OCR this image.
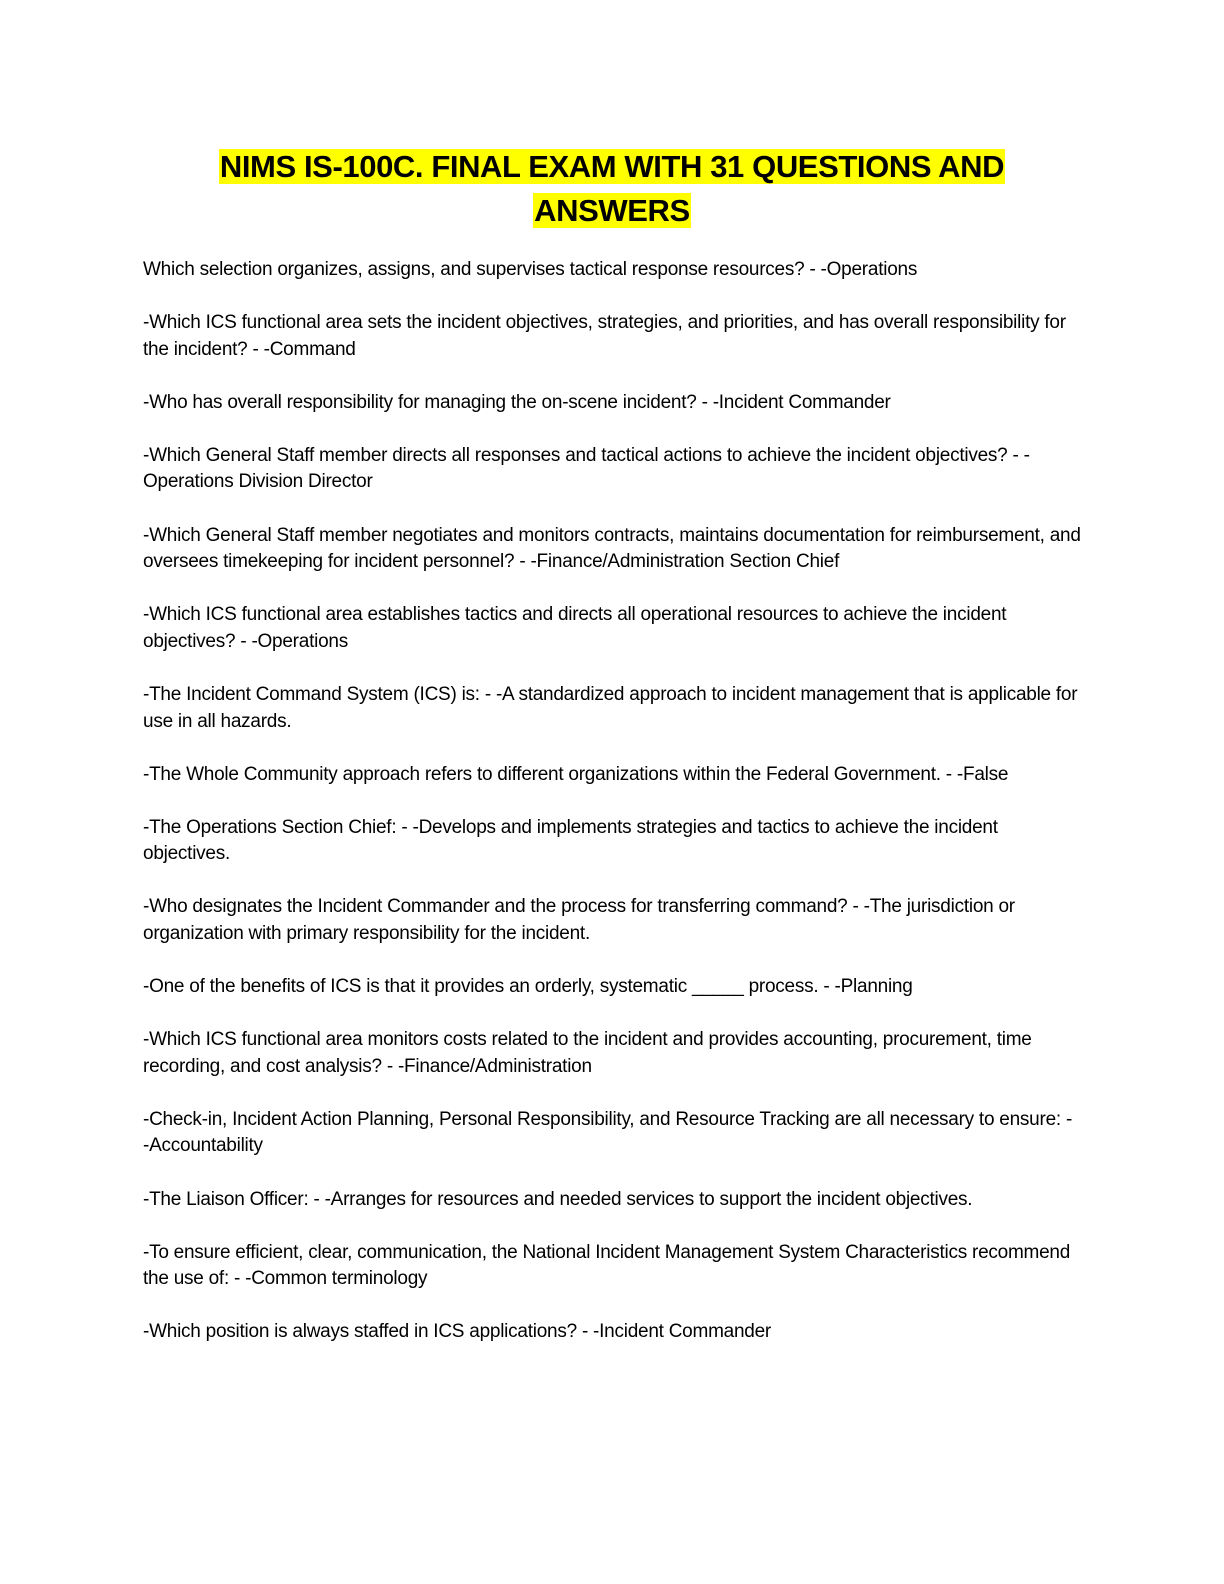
NIMS IS-100C. FINAL EXAM WITH 31 QUESTIONS AND
ANSWERS
Which selection organizes, assigns, and supervises tactical response resources? - -Operations
-Which ICS functional area sets the incident objectives, strategies, and priorities, and has overall responsibility for the incident? - -Command
-Who has overall responsibility for managing the on-scene incident? - -Incident Commander
-Which General Staff member directs all responses and tactical actions to achieve the incident objectives? - -Operations Division Director
-Which General Staff member negotiates and monitors contracts, maintains documentation for reimbursement, and oversees timekeeping for incident personnel? - -Finance/Administration Section Chief
-Which ICS functional area establishes tactics and directs all operational resources to achieve the incident objectives? - -Operations
-The Incident Command System (ICS) is: - -A standardized approach to incident management that is applicable for use in all hazards.
-The Whole Community approach refers to different organizations within the Federal Government. - -False
-The Operations Section Chief: - -Develops and implements strategies and tactics to achieve the incident objectives.
-Who designates the Incident Commander and the process for transferring command? - -The jurisdiction or organization with primary responsibility for the incident.
-One of the benefits of ICS is that it provides an orderly, systematic _____ process. - -Planning
-Which ICS functional area monitors costs related to the incident and provides accounting, procurement, time recording, and cost analysis? - -Finance/Administration
-Check-in, Incident Action Planning, Personal Responsibility, and Resource Tracking are all necessary to ensure: - -Accountability
-The Liaison Officer: - -Arranges for resources and needed services to support the incident objectives.
-To ensure efficient, clear, communication, the National Incident Management System Characteristics recommend the use of: - -Common terminology
-Which position is always staffed in ICS applications? - -Incident Commander
